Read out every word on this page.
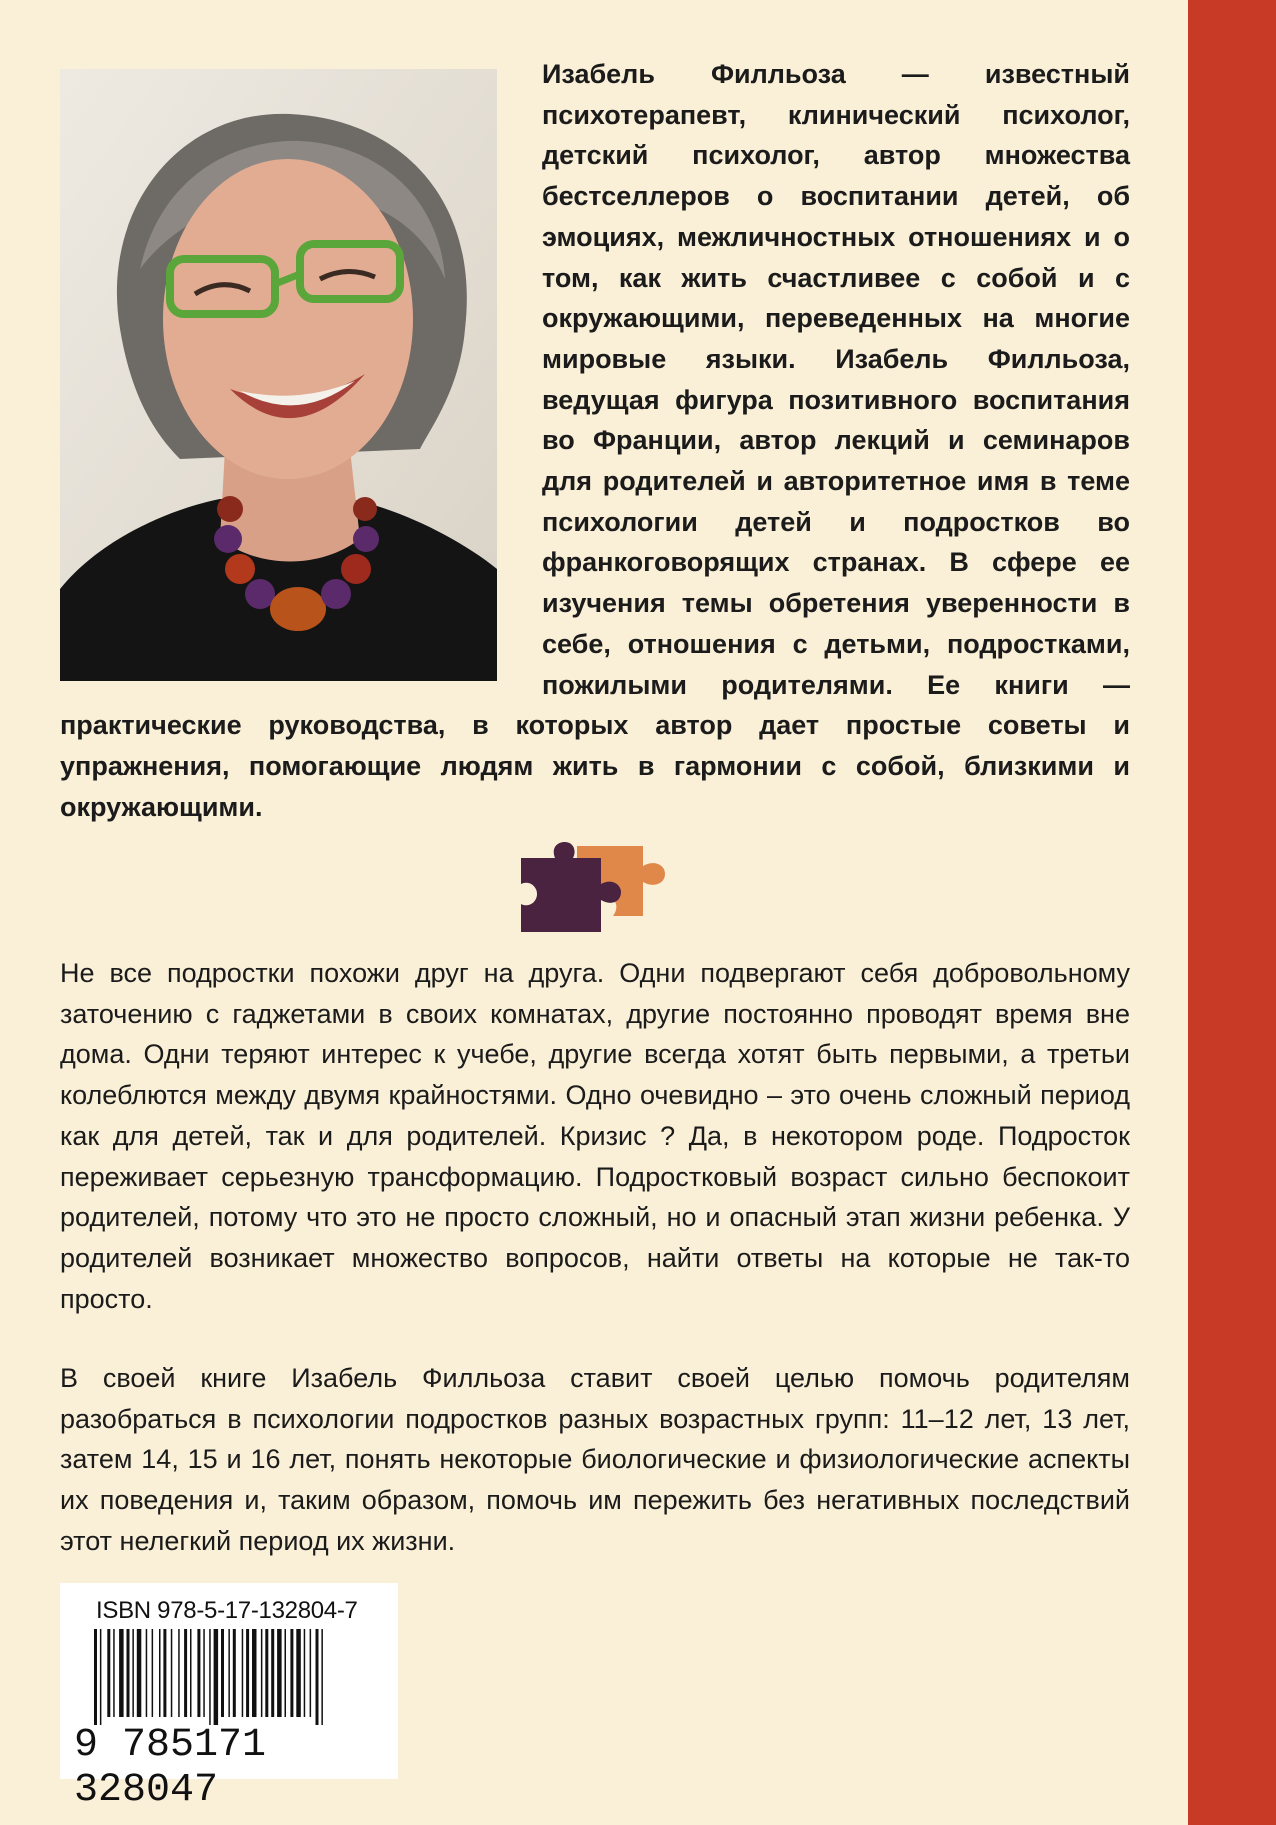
Изабель Филльоза — известный психотерапевт, клинический психолог, детский психолог, автор множества бестселлеров о воспитании детей, об эмоциях, межличностных отношениях и о том, как жить счастливее с собой и с окружающими, переведенных на многие мировые языки. Изабель Филльоза, ведущая фигура позитивного воспитания во Франции, автор лекций и семинаров для родителей и авторитетное имя в теме психологии детей и подростков во франкоговорящих странах. В сфере ее изучения темы обретения уверенности в себе, отношения с детьми, подростками, пожилыми родителями. Ее книги — практические руководства, в которых автор дает простые советы и упражнения, помогающие людям жить в гармонии с собой, близкими и окружающими.

Не все подростки похожи друг на друга. Одни подвергают себя добровольному заточению с гаджетами в своих комнатах, другие постоянно проводят время вне дома. Одни теряют интерес к учебе, другие всегда хотят быть первыми, а третьи колеблются между двумя крайностями. Одно очевидно – это очень сложный период как для детей, так и для родителей. Кризис ? Да, в некотором роде. Подросток переживает серьезную трансформацию. Подростковый возраст сильно беспокоит родителей, потому что это не просто сложный, но и опасный этап жизни ребенка. У родителей возникает множество вопросов, найти ответы на которые не так-то просто.

В своей книге Изабель Филльоза ставит своей целью помочь родителям разобраться в психологии подростков разных возрастных групп: 11–12 лет, 13 лет, затем 14, 15 и 16 лет, понять некоторые биологические и физиологические аспекты их поведения и, таким образом, помочь им пережить без негативных последствий этот нелегкий период их жизни.

ISBN 978-5-17-132804-7
9 785171 328047
